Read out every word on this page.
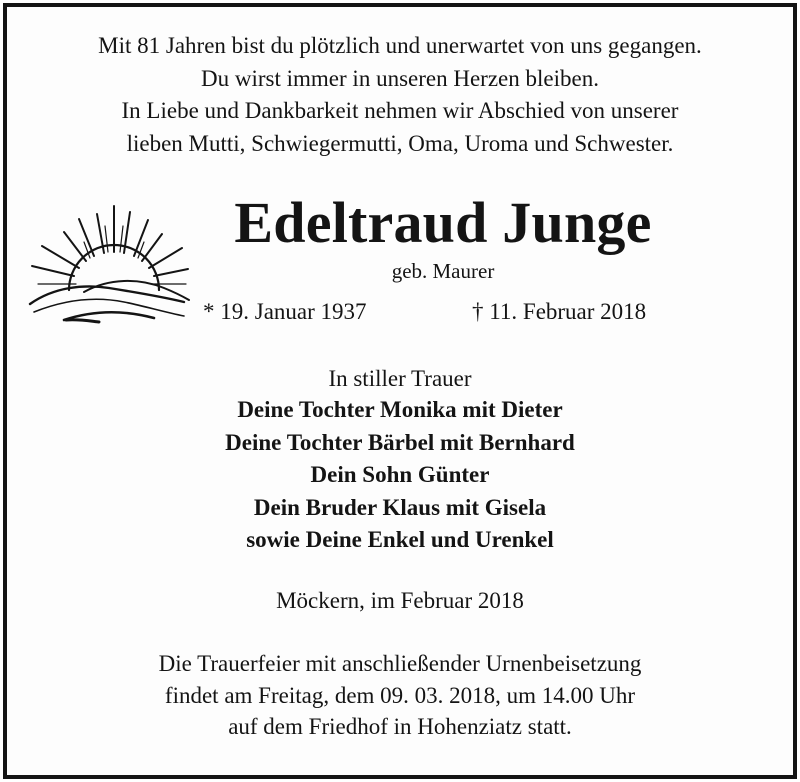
Mit 81 Jahren bist du plötzlich und unerwartet von uns gegangen.
Du wirst immer in unseren Herzen bleiben.
In Liebe und Dankbarkeit nehmen wir Abschied von unserer
lieben Mutti, Schwiegermutti, Oma, Uroma und Schwester.
Edeltraud Junge
geb. Maurer
* 19. Januar 1937	† 11. Februar 2018
In stiller Trauer
Deine Tochter Monika mit Dieter
Deine Tochter Bärbel mit Bernhard
Dein Sohn Günter
Dein Bruder Klaus mit Gisela
sowie Deine Enkel und Urenkel
Möckern, im Februar 2018
Die Trauerfeier mit anschließender Urnenbeisetzung
findet am Freitag, dem 09. 03. 2018, um 14.00 Uhr
auf dem Friedhof in Hohenziatz statt.
